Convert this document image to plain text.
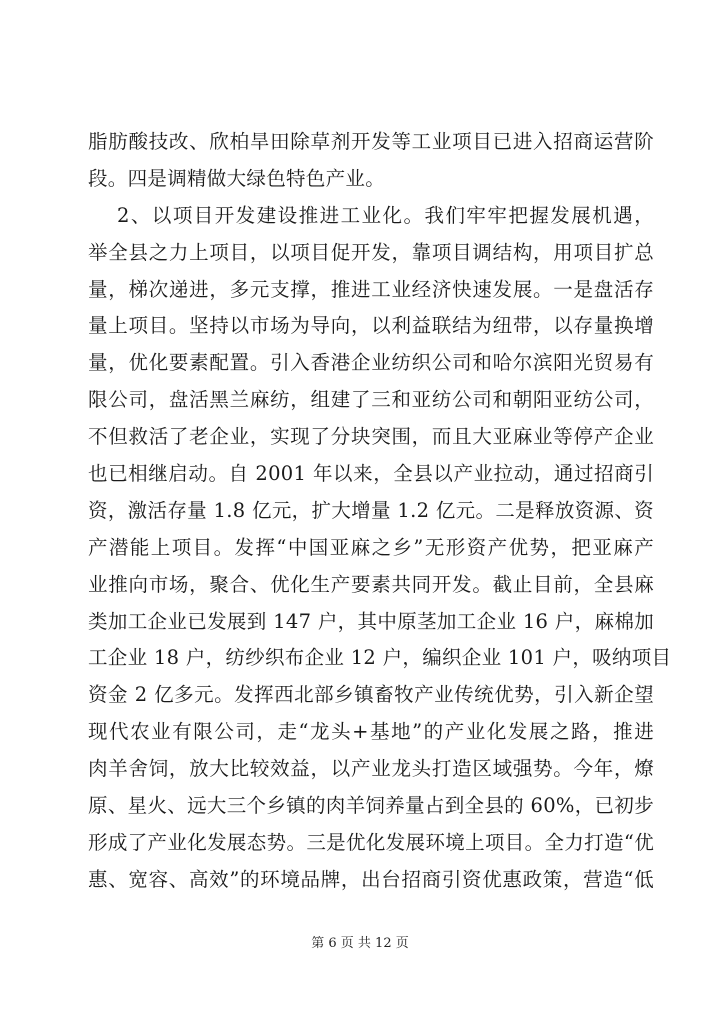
脂肪酸技改、欣柏旱田除草剂开发等工业项目已进入招商运营阶
段。四是调精做大绿色特色产业。
2、以项目开发建设推进工业化。我们牢牢把握发展机遇，
举全县之力上项目，以项目促开发，靠项目调结构，用项目扩总
量，梯次递进，多元支撑，推进工业经济快速发展。一是盘活存
量上项目。坚持以市场为导向，以利益联结为纽带，以存量换增
量，优化要素配置。引入香港企业纺织公司和哈尔滨阳光贸易有
限公司，盘活黑兰麻纺，组建了三和亚纺公司和朝阳亚纺公司，
不但救活了老企业，实现了分块突围，而且大亚麻业等停产企业
也已相继启动。自 2001 年以来，全县以产业拉动，通过招商引
资，激活存量 1.8 亿元，扩大增量 1.2 亿元。二是释放资源、资
产潜能上项目。发挥“中国亚麻之乡”无形资产优势，把亚麻产
业推向市场，聚合、优化生产要素共同开发。截止目前，全县麻
类加工企业已发展到 147 户，其中原茎加工企业 16 户，麻棉加
工企业 18 户，纺纱织布企业 12 户，编织企业 101 户，吸纳项目
资金 2 亿多元。发挥西北部乡镇畜牧产业传统优势，引入新企望
现代农业有限公司，走“龙头+基地”的产业化发展之路，推进
肉羊舍饲，放大比较效益，以产业龙头打造区域强势。今年，燎
原、星火、远大三个乡镇的肉羊饲养量占到全县的 60%，已初步
形成了产业化发展态势。三是优化发展环境上项目。全力打造“优
惠、宽容、高效”的环境品牌，出台招商引资优惠政策，营造“低
第 6 页 共 12 页
